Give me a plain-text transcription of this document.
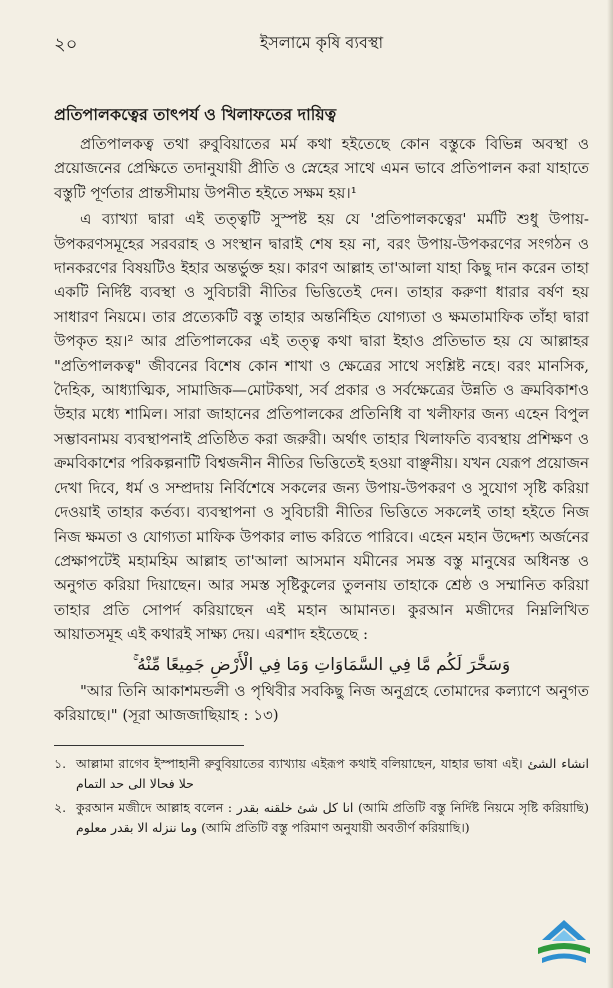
২০	ইসলামে কৃষি ব্যবস্থা
প্রতিপালকত্বের তাৎপর্য ও খিলাফতের দায়িত্ব

প্রতিপালকত্ব তথা রুবুবিয়াতের মর্ম কথা হইতেছে কোন বস্তুকে বিভিন্ন অবস্থা ও প্রয়োজনের প্রেক্ষিতে তদানুযায়ী প্রীতি ও স্নেহের সাথে এমন ভাবে প্রতিপালন করা যাহাতে বস্তুটি পূর্ণতার প্রান্তসীমায় উপনীত হইতে সক্ষম হয়।¹

এ ব্যাখ্যা দ্বারা এই তত্ত্বটি সুস্পষ্ট হয় যে 'প্রতিপালকত্বের' মর্মটি শুধু উপায়-উপকরণসমূহের সরবরাহ ও সংস্থান দ্বারাই শেষ হয় না, বরং উপায়-উপকরণের সংগঠন ও দানকরণের বিষয়টিও ইহার অন্তর্ভুক্ত হয়। কারণ আল্লাহ তা'আলা যাহা কিছু দান করেন তাহা একটি নির্দিষ্ট ব্যবস্থা ও সুবিচারী নীতির ভিত্তিতেই দেন। তাহার করুণা ধারার বর্ষণ হয় সাধারণ নিয়মে। তার প্রত্যেকটি বস্তু তাহার অন্তর্নিহিত যোগ্যতা ও ক্ষমতামাফিক তাঁহা দ্বারা উপকৃত হয়।² আর প্রতিপালকের এই তত্ত্ব কথা দ্বারা ইহাও প্রতিভাত হয় যে আল্লাহর "প্রতিপালকত্ব" জীবনের বিশেষ কোন শাখা ও ক্ষেত্রের সাথে সংশ্লিষ্ট নহে। বরং মানসিক, দৈহিক, আধ্যাত্মিক, সামাজিক—মোটকথা, সর্ব প্রকার ও সর্বক্ষেত্রের উন্নতি ও ক্রমবিকাশও উহার মধ্যে শামিল। সারা জাহানের প্রতিপালকের প্রতিনিধি বা খলীফার জন্য এহেন বিপুল সম্ভাবনাময় ব্যবস্থাপনাই প্রতিষ্ঠিত করা জরুরী। অর্থাৎ তাহার খিলাফতি ব্যবস্থায় প্রশিক্ষণ ও ক্রমবিকাশের পরিকল্পনাটি বিশ্বজনীন নীতির ভিত্তিতেই হওয়া বাঞ্ছনীয়। যখন যেরূপ প্রয়োজন দেখা দিবে, ধর্ম ও সম্প্রদায় নির্বিশেষে সকলের জন্য উপায়-উপকরণ ও সুযোগ সৃষ্টি করিয়া দেওয়াই তাহার কর্তব্য। ব্যবস্থাপনা ও সুবিচারী নীতির ভিত্তিতে সকলেই তাহা হইতে নিজ নিজ ক্ষমতা ও যোগ্যতা মাফিক উপকার লাভ করিতে পারিবে। এহেন মহান উদ্দেশ্য অর্জনের প্রেক্ষাপটেই মহামহিম আল্লাহ তা'আলা আসমান যমীনের সমস্ত বস্তু মানুষের অধিনস্ত ও অনুগত করিয়া দিয়াছেন। আর সমস্ত সৃষ্টিকুলের তুলনায় তাহাকে শ্রেষ্ঠ ও সম্মানিত করিয়া তাহার প্রতি সোপর্দ করিয়াছেন এই মহান আমানত। কুরআন মজীদের নিম্নলিখিত আয়াতসমূহ এই কথারই সাক্ষ্য দেয়। এরশাদ হইতেছে :

وَسَخَّرَ لَكُم مَّا فِي السَّمَاوَاتِ وَمَا فِي الْأَرْضِ جَمِيعًا مِّنْهُ ۚ

"আর তিনি আকাশমন্ডলী ও পৃথিবীর সবকিছু নিজ অনুগ্রহে তোমাদের কল্যাণে অনুগত করিয়াছে।" (সূরা আজজাছিয়াহ : ১৩)

১. আল্লামা রাগেব ইস্পাহানী রুবুবিয়াতের ব্যাখ্যায় এইরূপ কথাই বলিয়াছেন, যাহার ভাষা এই। انشاء الشئ حلا فحالا الى حد التمام
২. কুরআন মজীদে আল্লাহ বলেন : انا كل شئ خلقنه بقدر (আমি প্রতিটি বস্তু নির্দিষ্ট নিয়মে সৃষ্টি করিয়াছি) وما ننزله الا بقدر معلوم (আমি প্রতিটি বস্তু পরিমাণ অনুযায়ী অবতীর্ণ করিয়াছি।)
